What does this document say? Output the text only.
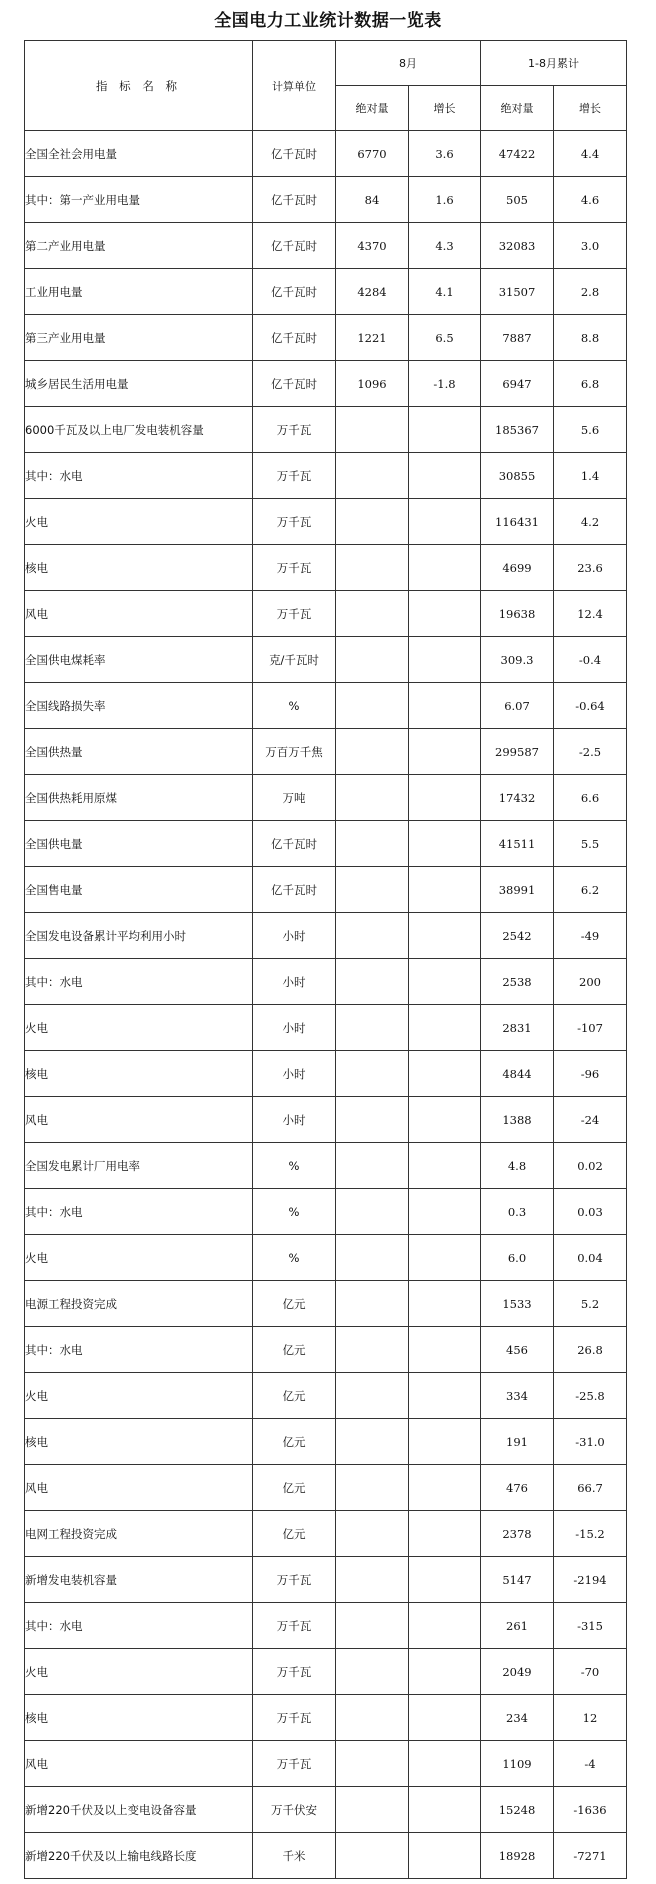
全国电力工业统计数据一览表
指 标 名 称	计算单位	8月		1-8月累计	
		绝对量	增长	绝对量	增长
全国全社会用电量	亿千瓦时	6770	3.6	47422	4.4
其中：第一产业用电量	亿千瓦时	84	1.6	505	4.6
第二产业用电量	亿千瓦时	4370	4.3	32083	3.0
工业用电量	亿千瓦时	4284	4.1	31507	2.8
第三产业用电量	亿千瓦时	1221	6.5	7887	8.8
城乡居民生活用电量	亿千瓦时	1096	-1.8	6947	6.8
6000千瓦及以上电厂发电装机容量	万千瓦			185367	5.6
其中：水电	万千瓦			30855	1.4
火电	万千瓦			116431	4.2
核电	万千瓦			4699	23.6
风电	万千瓦			19638	12.4
全国供电煤耗率	克/千瓦时			309.3	-0.4
全国线路损失率	%			6.07	-0.64
全国供热量	万百万千焦			299587	-2.5
全国供热耗用原煤	万吨			17432	6.6
全国供电量	亿千瓦时			41511	5.5
全国售电量	亿千瓦时			38991	6.2
全国发电设备累计平均利用小时	小时			2542	-49
其中：水电	小时			2538	200
火电	小时			2831	-107
核电	小时			4844	-96
风电	小时			1388	-24
全国发电累计厂用电率	%			4.8	0.02
其中：水电	%			0.3	0.03
火电	%			6.0	0.04
电源工程投资完成	亿元			1533	5.2
其中：水电	亿元			456	26.8
火电	亿元			334	-25.8
核电	亿元			191	-31.0
风电	亿元			476	66.7
电网工程投资完成	亿元			2378	-15.2
新增发电装机容量	万千瓦			5147	-2194
其中：水电	万千瓦			261	-315
火电	万千瓦			2049	-70
核电	万千瓦			234	12
风电	万千瓦			1109	-4
新增220千伏及以上变电设备容量	万千伏安			15248	-1636
新增220千伏及以上输电线路长度	千米			18928	-7271
